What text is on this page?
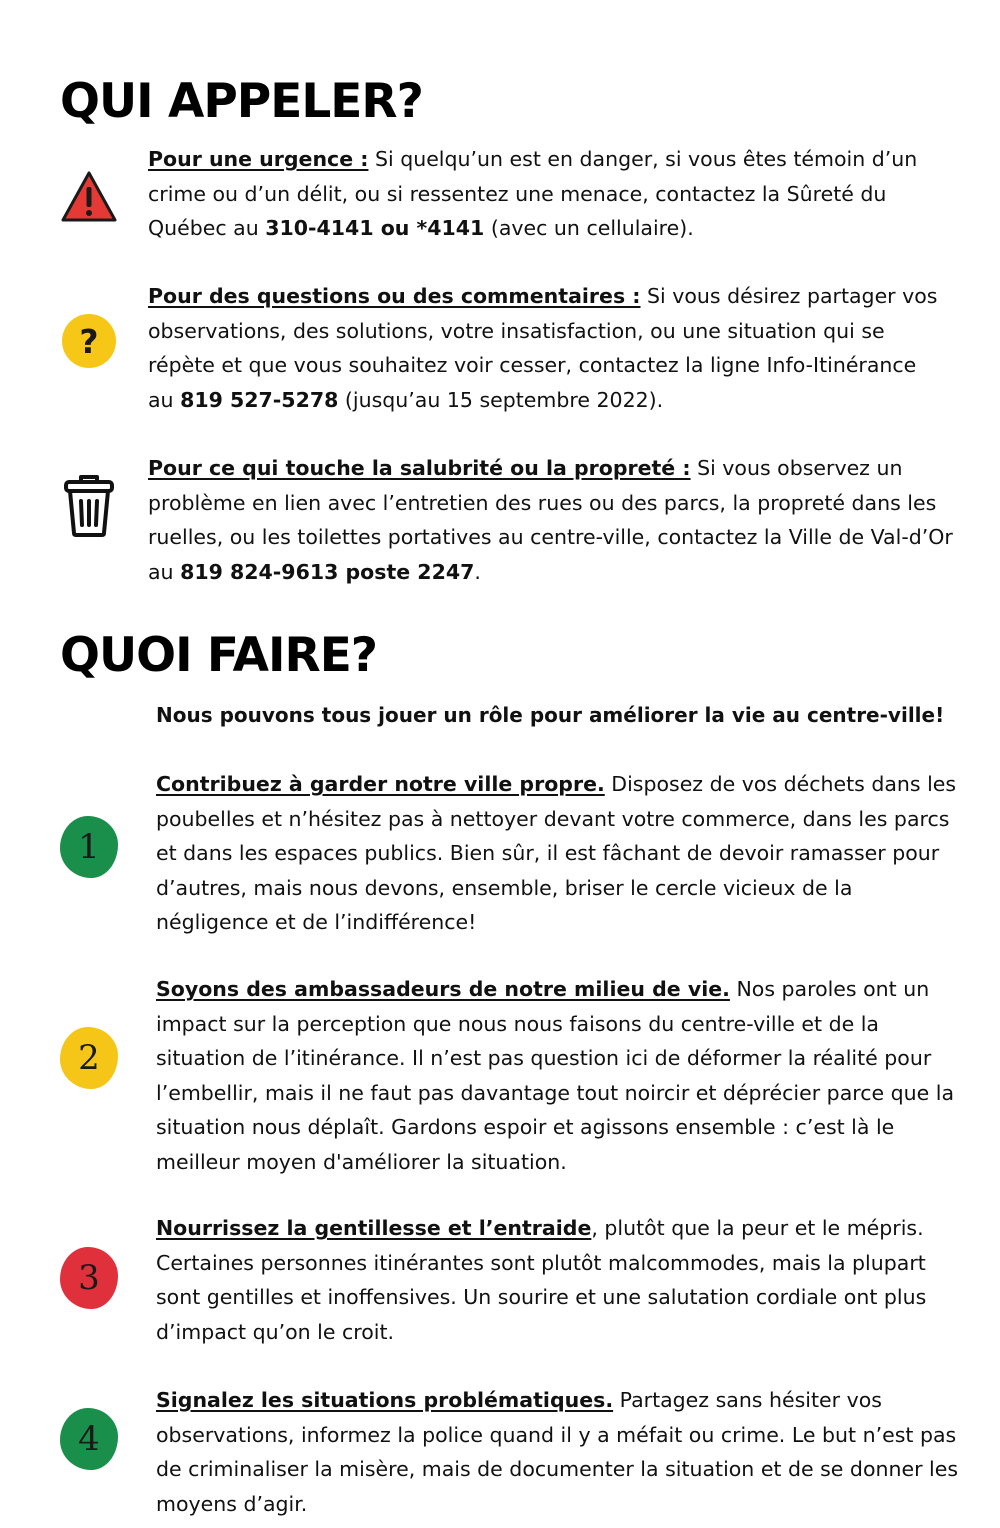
QUI APPELER?

Pour une urgence : Si quelqu’un est en danger, si vous êtes témoin d’un crime ou d’un délit, ou si ressentez une menace, contactez la Sûreté du Québec au 310-4141 ou *4141 (avec un cellulaire).

?

Pour des questions ou des commentaires : Si vous désirez partager vos observations, des solutions, votre insatisfaction, ou une situation qui se répète et que vous souhaitez voir cesser, contactez la ligne Info-Itinérance au 819 527-5278 (jusqu’au 15 septembre 2022).

Pour ce qui touche la salubrité ou la propreté : Si vous observez un problème en lien avec l’entretien des rues ou des parcs, la propreté dans les ruelles, ou les toilettes portatives au centre-ville, contactez la Ville de Val-d’Or au 819 824-9613 poste 2247.

QUOI FAIRE?

Nous pouvons tous jouer un rôle pour améliorer la vie au centre-ville!

1

Contribuez à garder notre ville propre. Disposez de vos déchets dans les poubelles et n’hésitez pas à nettoyer devant votre commerce, dans les parcs et dans les espaces publics. Bien sûr, il est fâchant de devoir ramasser pour d’autres, mais nous devons, ensemble, briser le cercle vicieux de la négligence et de l’indifférence!

2

Soyons des ambassadeurs de notre milieu de vie. Nos paroles ont un impact sur la perception que nous nous faisons du centre-ville et de la situation de l’itinérance. Il n’est pas question ici de déformer la réalité pour l’embellir, mais il ne faut pas davantage tout noircir et déprécier parce que la situation nous déplaît. Gardons espoir et agissons ensemble : c’est là le meilleur moyen d'améliorer la situation.

3

Nourrissez la gentillesse et l’entraide, plutôt que la peur et le mépris. Certaines personnes itinérantes sont plutôt malcommodes, mais la plupart sont gentilles et inoffensives. Un sourire et une salutation cordiale ont plus d’impact qu’on le croit.

4

Signalez les situations problématiques. Partagez sans hésiter vos observations, informez la police quand il y a méfait ou crime. Le but n’est pas de criminaliser la misère, mais de documenter la situation et de se donner les moyens d’agir.
